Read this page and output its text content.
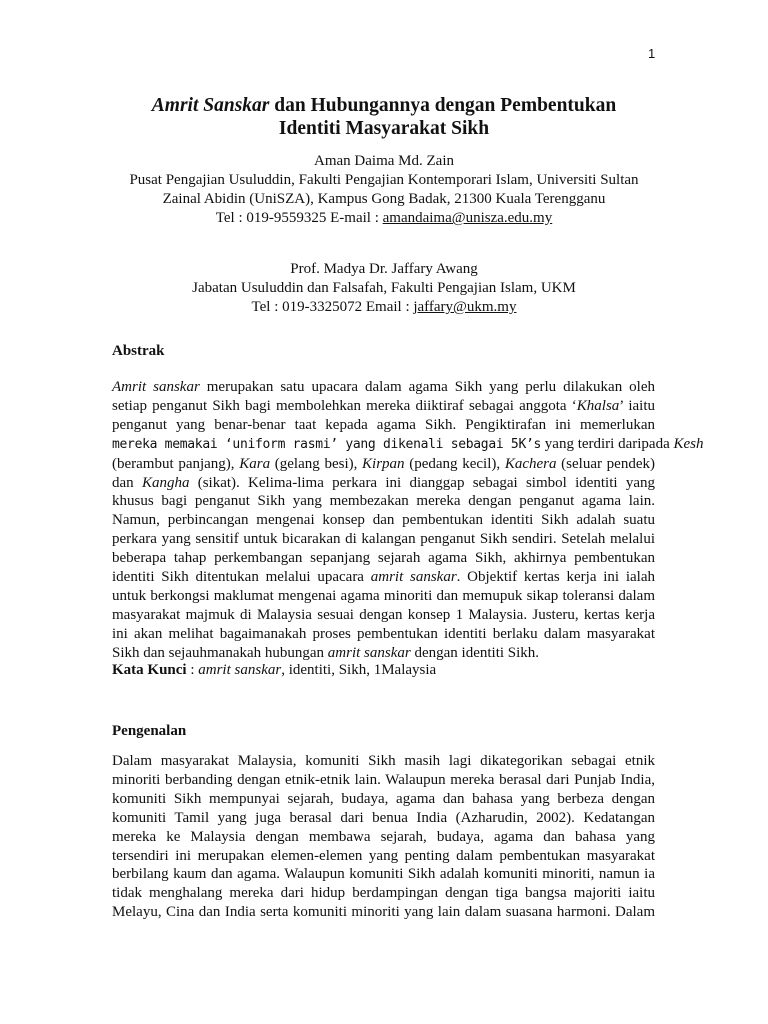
1
Amrit Sanskar dan Hubungannya dengan Pembentukan
Identiti Masyarakat Sikh
Aman Daima Md. Zain
Pusat Pengajian Usuluddin, Fakulti Pengajian Kontemporari Islam, Universiti Sultan
Zainal Abidin (UniSZA), Kampus Gong Badak, 21300 Kuala Terengganu
Tel : 019-9559325 E-mail : amandaima@unisza.edu.my
Prof. Madya Dr. Jaffary Awang
Jabatan Usuluddin dan Falsafah, Fakulti Pengajian Islam, UKM
Tel : 019-3325072 Email : jaffary@ukm.my
Abstrak
Amrit sanskar merupakan satu upacara dalam agama Sikh yang perlu dilakukan oleh
setiap penganut Sikh bagi membolehkan mereka diiktiraf sebagai anggota ‘Khalsa’ iaitu
penganut yang benar-benar taat kepada agama Sikh. Pengiktirafan ini memerlukan
mereka memakai ‘uniform rasmi’ yang dikenali sebagai 5K’s yang terdiri daripada Kesh
(berambut panjang), Kara (gelang besi), Kirpan (pedang kecil), Kachera (seluar pendek)
dan Kangha (sikat). Kelima-lima perkara ini dianggap sebagai simbol identiti yang
khusus bagi penganut Sikh yang membezakan mereka dengan penganut agama lain.
Namun, perbincangan mengenai konsep dan pembentukan identiti Sikh adalah suatu
perkara yang sensitif untuk bicarakan di kalangan penganut Sikh sendiri. Setelah melalui
beberapa tahap perkembangan sepanjang sejarah agama Sikh, akhirnya pembentukan
identiti Sikh ditentukan melalui upacara amrit sanskar. Objektif kertas kerja ini ialah
untuk berkongsi maklumat mengenai agama minoriti dan memupuk sikap toleransi dalam
masyarakat majmuk di Malaysia sesuai dengan konsep 1 Malaysia. Justeru, kertas kerja
ini akan melihat bagaimanakah proses pembentukan identiti berlaku dalam masyarakat
Sikh dan sejauhmanakah hubungan amrit sanskar dengan identiti Sikh.
Kata Kunci : amrit sanskar, identiti, Sikh, 1Malaysia
Pengenalan
Dalam masyarakat Malaysia, komuniti Sikh masih lagi dikategorikan sebagai etnik
minoriti berbanding dengan etnik-etnik lain. Walaupun mereka berasal dari Punjab India,
komuniti Sikh mempunyai sejarah, budaya, agama dan bahasa yang berbeza dengan
komuniti Tamil yang juga berasal dari benua India (Azharudin, 2002). Kedatangan
mereka ke Malaysia dengan membawa sejarah, budaya, agama dan bahasa yang
tersendiri ini merupakan elemen-elemen yang penting dalam pembentukan masyarakat
berbilang kaum dan agama. Walaupun komuniti Sikh adalah komuniti minoriti, namun ia
tidak menghalang mereka dari hidup berdampingan dengan tiga bangsa majoriti iaitu
Melayu, Cina dan India serta komuniti minoriti yang lain dalam suasana harmoni. Dalam
